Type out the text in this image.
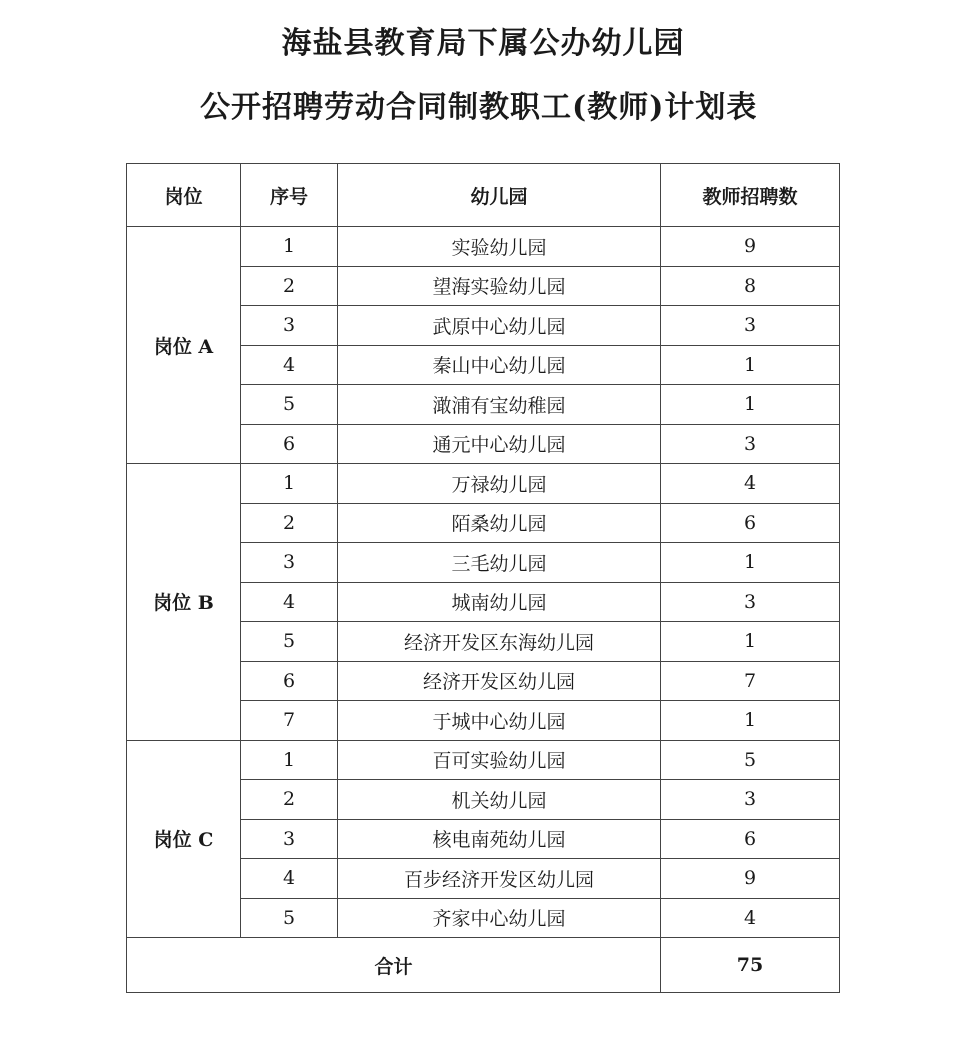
海盐县教育局下属公办幼儿园
公开招聘劳动合同制教职工(教师)计划表
岗位	序号	幼儿园	教师招聘数
岗位 A	1	实验幼儿园	9
	2	望海实验幼儿园	8
	3	武原中心幼儿园	3
	4	秦山中心幼儿园	1
	5	澉浦有宝幼稚园	1
	6	通元中心幼儿园	3
岗位 B	1	万禄幼儿园	4
	2	陌桑幼儿园	6
	3	三毛幼儿园	1
	4	城南幼儿园	3
	5	经济开发区东海幼儿园	1
	6	经济开发区幼儿园	7
	7	于城中心幼儿园	1
岗位 C	1	百可实验幼儿园	5
	2	机关幼儿园	3
	3	核电南苑幼儿园	6
	4	百步经济开发区幼儿园	9
	5	齐家中心幼儿园	4
合计			75
